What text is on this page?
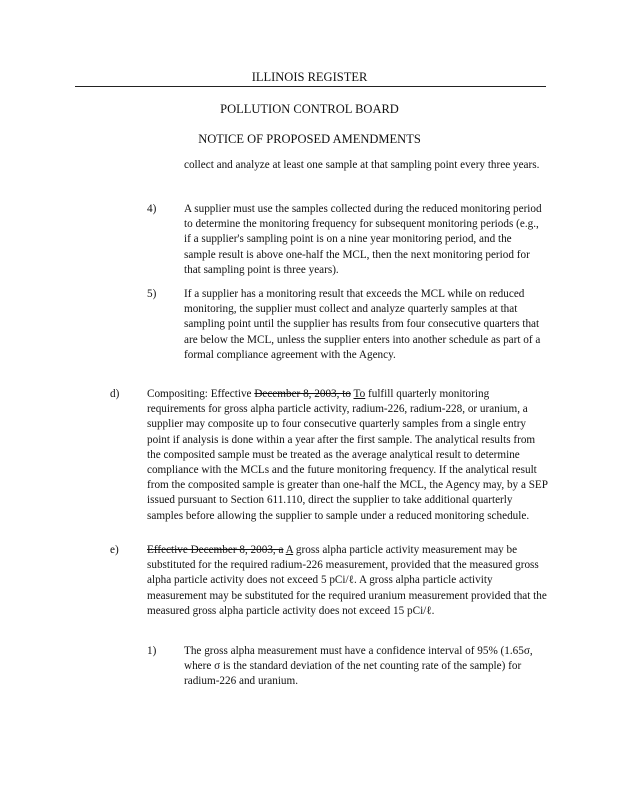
ILLINOIS REGISTER
POLLUTION CONTROL BOARD
NOTICE OF PROPOSED AMENDMENTS
collect and analyze at least one sample at that sampling point every three years.
4) A supplier must use the samples collected during the reduced monitoring period to determine the monitoring frequency for subsequent monitoring periods (e.g., if a supplier's sampling point is on a nine year monitoring period, and the sample result is above one-half the MCL, then the next monitoring period for that sampling point is three years).
5) If a supplier has a monitoring result that exceeds the MCL while on reduced monitoring, the supplier must collect and analyze quarterly samples at that sampling point until the supplier has results from four consecutive quarters that are below the MCL, unless the supplier enters into another schedule as part of a formal compliance agreement with the Agency.
d) Compositing: Effective December 8, 2003, to To fulfill quarterly monitoring requirements for gross alpha particle activity, radium-226, radium-228, or uranium, a supplier may composite up to four consecutive quarterly samples from a single entry point if analysis is done within a year after the first sample. The analytical results from the composited sample must be treated as the average analytical result to determine compliance with the MCLs and the future monitoring frequency. If the analytical result from the composited sample is greater than one-half the MCL, the Agency may, by a SEP issued pursuant to Section 611.110, direct the supplier to take additional quarterly samples before allowing the supplier to sample under a reduced monitoring schedule.
e)	Effective December 8, 2003, a A gross alpha particle activity measurement may be substituted for the required radium-226 measurement, provided that the measured gross alpha particle activity does not exceed 5 pCi/ℓ. A gross alpha particle activity measurement may be substituted for the required uranium measurement provided that the measured gross alpha particle activity does not exceed 15 pCi/ℓ.
1) The gross alpha measurement must have a confidence interval of 95% (1.65σ, where σ is the standard deviation of the net counting rate of the sample) for radium-226 and uranium.
